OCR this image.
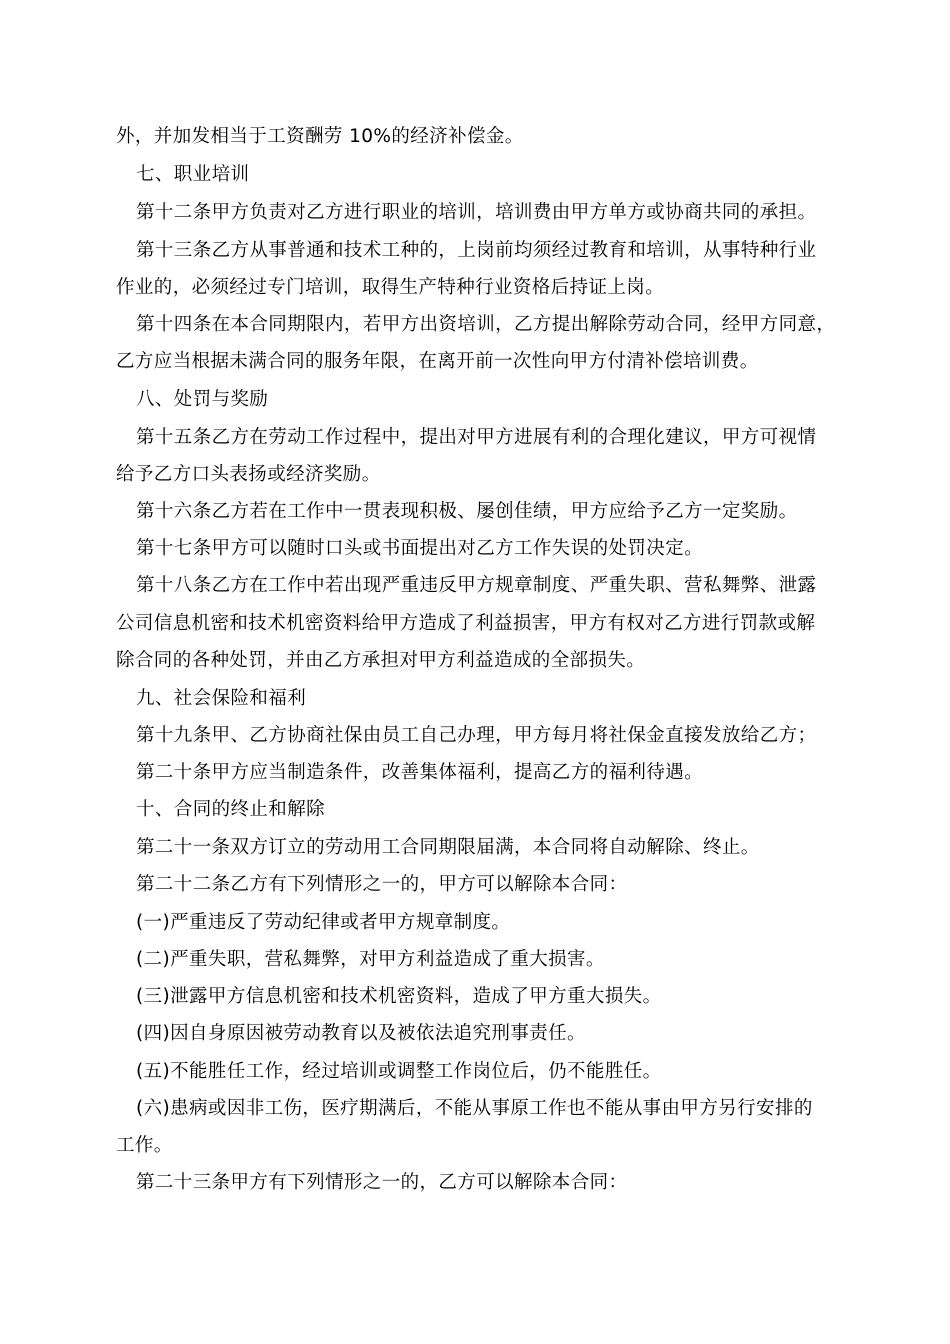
外，并加发相当于工资酬劳 10%的经济补偿金。
七、职业培训
第十二条甲方负责对乙方进行职业的培训，培训费由甲方单方或协商共同的承担。
第十三条乙方从事普通和技术工种的，上岗前均须经过教育和培训，从事特种行业
作业的，必须经过专门培训，取得生产特种行业资格后持证上岗。
第十四条在本合同期限内，若甲方出资培训，乙方提出解除劳动合同，经甲方同意，
乙方应当根据未满合同的服务年限，在离开前一次性向甲方付清补偿培训费。
八、处罚与奖励
第十五条乙方在劳动工作过程中，提出对甲方进展有利的合理化建议，甲方可视情
给予乙方口头表扬或经济奖励。
第十六条乙方若在工作中一贯表现积极、屡创佳绩，甲方应给予乙方一定奖励。
第十七条甲方可以随时口头或书面提出对乙方工作失误的处罚决定。
第十八条乙方在工作中若出现严重违反甲方规章制度、严重失职、营私舞弊、泄露
公司信息机密和技术机密资料给甲方造成了利益损害，甲方有权对乙方进行罚款或解
除合同的各种处罚，并由乙方承担对甲方利益造成的全部损失。
九、社会保险和福利
第十九条甲、乙方协商社保由员工自己办理，甲方每月将社保金直接发放给乙方；
第二十条甲方应当制造条件，改善集体福利，提高乙方的福利待遇。
十、合同的终止和解除
第二十一条双方订立的劳动用工合同期限届满，本合同将自动解除、终止。
第二十二条乙方有下列情形之一的，甲方可以解除本合同：
(一)严重违反了劳动纪律或者甲方规章制度。
(二)严重失职，营私舞弊，对甲方利益造成了重大损害。
(三)泄露甲方信息机密和技术机密资料，造成了甲方重大损失。
(四)因自身原因被劳动教育以及被依法追究刑事责任。
(五)不能胜任工作，经过培训或调整工作岗位后，仍不能胜任。
(六)患病或因非工伤，医疗期满后，不能从事原工作也不能从事由甲方另行安排的
工作。
第二十三条甲方有下列情形之一的，乙方可以解除本合同：
